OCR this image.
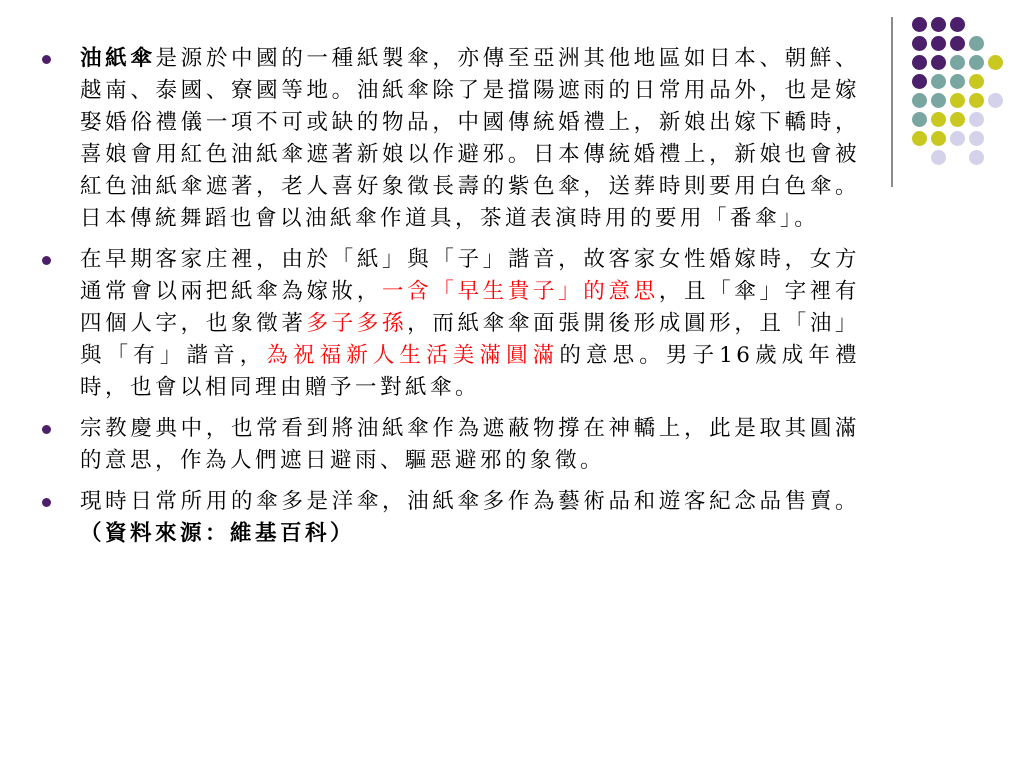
油紙傘是源於中國的一種紙製傘，亦傳至亞洲其他地區如日本、朝鮮、越南、泰國、寮國等地。油紙傘除了是擋陽遮雨的日常用品外，也是嫁娶婚俗禮儀一項不可或缺的物品，中國傳統婚禮上，新娘出嫁下轎時，喜娘會用紅色油紙傘遮著新娘以作避邪。日本傳統婚禮上，新娘也會被紅色油紙傘遮著，老人喜好象徵長壽的紫色傘，送葬時則要用白色傘。日本傳統舞蹈也會以油紙傘作道具，茶道表演時用的要用「番傘」。
在早期客家庄裡，由於「紙」與「子」諧音，故客家女性婚嫁時，女方通常會以兩把紙傘為嫁妝，一含「早生貴子」的意思，且「傘」字裡有四個人字，也象徵著多子多孫，而紙傘傘面張開後形成圓形，且「油」與「有」諧音，為祝福新人生活美滿圓滿的意思。男子16歲成年禮時，也會以相同理由贈予一對紙傘。
宗教慶典中，也常看到將油紙傘作為遮蔽物撐在神轎上，此是取其圓滿的意思，作為人們遮日避雨、驅惡避邪的象徵。
現時日常所用的傘多是洋傘，油紙傘多作為藝術品和遊客紀念品售賣。（資料來源：維基百科）
